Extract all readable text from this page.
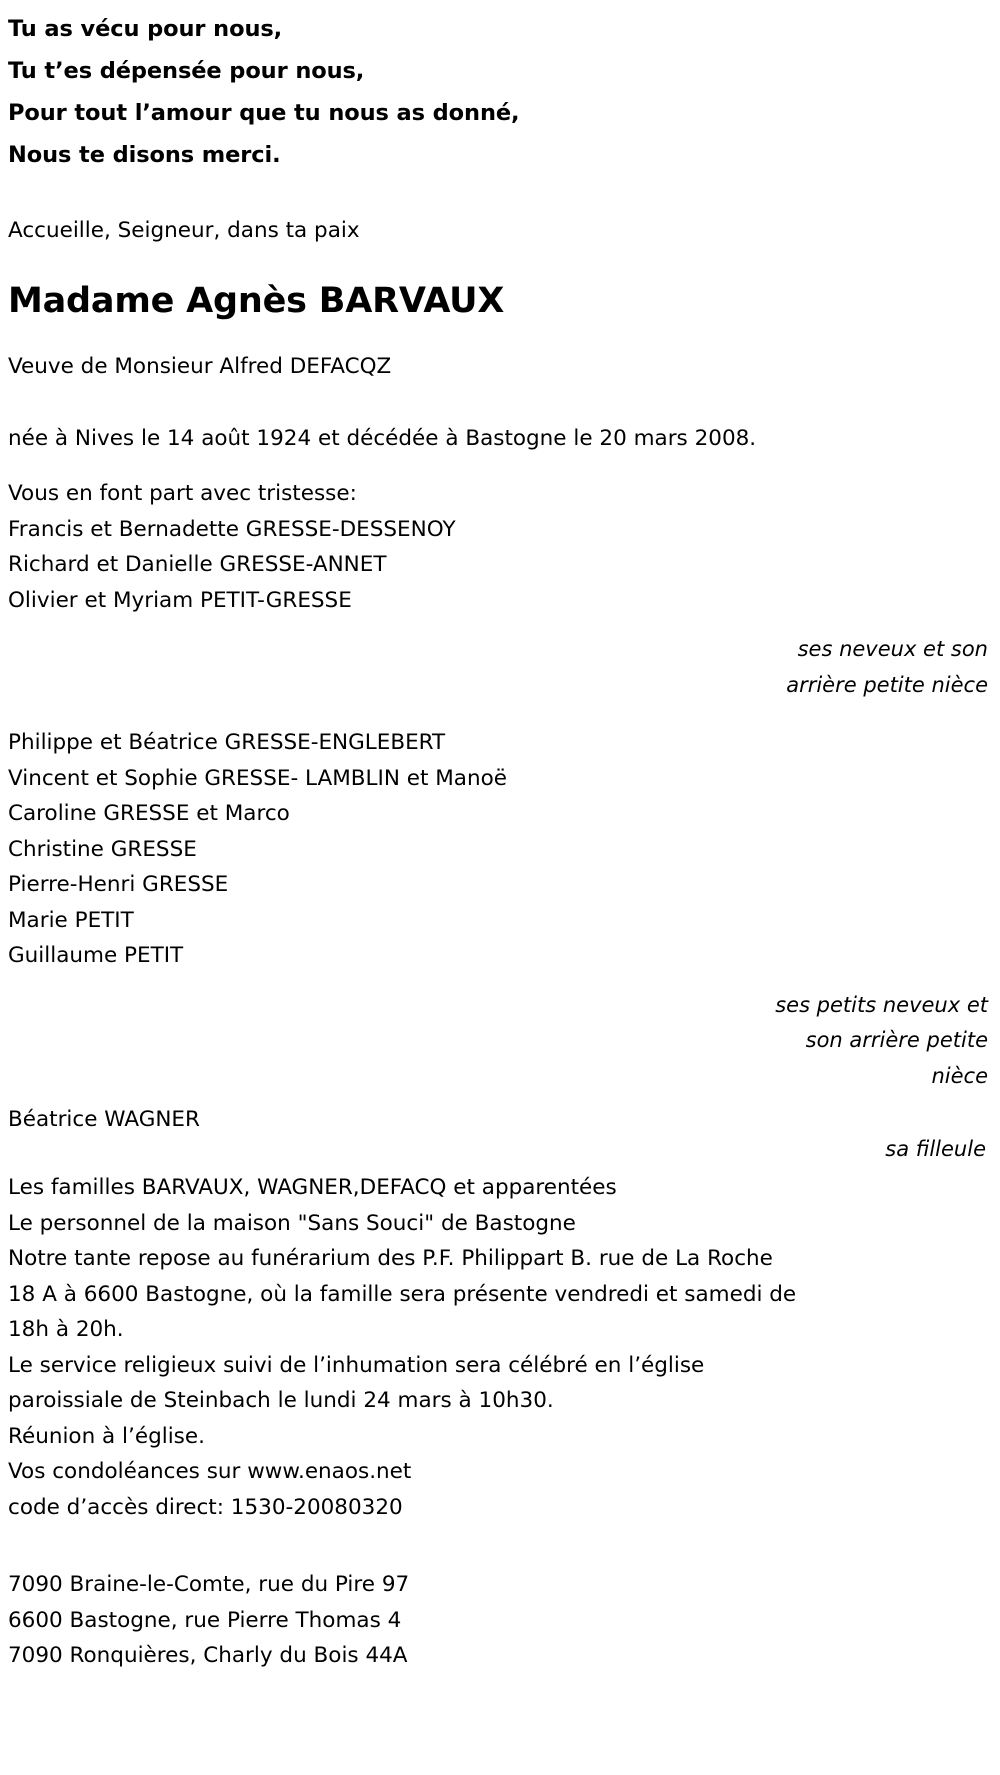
Tu as vécu pour nous,
Tu t’es dépensée pour nous,
Pour tout l’amour que tu nous as donné,
Nous te disons merci.
Accueille, Seigneur, dans ta paix
Madame Agnès BARVAUX
Veuve de Monsieur Alfred DEFACQZ
née à Nives le 14 août 1924 et décédée à Bastogne le 20 mars 2008.
Vous en font part avec tristesse:
Francis et Bernadette GRESSE-DESSENOY
Richard et Danielle GRESSE-ANNET
Olivier et Myriam PETIT-GRESSE
ses neveux et son
arrière petite nièce
Philippe et Béatrice GRESSE-ENGLEBERT
Vincent et Sophie GRESSE- LAMBLIN et Manoë
Caroline GRESSE et Marco
Christine GRESSE
Pierre-Henri GRESSE
Marie PETIT
Guillaume PETIT
ses petits neveux et
son arrière petite
nièce
Béatrice WAGNER
sa filleule
Les familles BARVAUX, WAGNER,DEFACQ et apparentées
Le personnel de la maison "Sans Souci" de Bastogne
Notre tante repose au funérarium des P.F. Philippart B. rue de La Roche
18 A à 6600 Bastogne, où la famille sera présente vendredi et samedi de
18h à 20h.
Le service religieux suivi de l’inhumation sera célébré en l’église
paroissiale de Steinbach le lundi 24 mars à 10h30.
Réunion à l’église.
Vos condoléances sur www.enaos.net
code d’accès direct: 1530-20080320
7090 Braine-le-Comte, rue du Pire 97
6600 Bastogne, rue Pierre Thomas 4
7090 Ronquières, Charly du Bois 44A
